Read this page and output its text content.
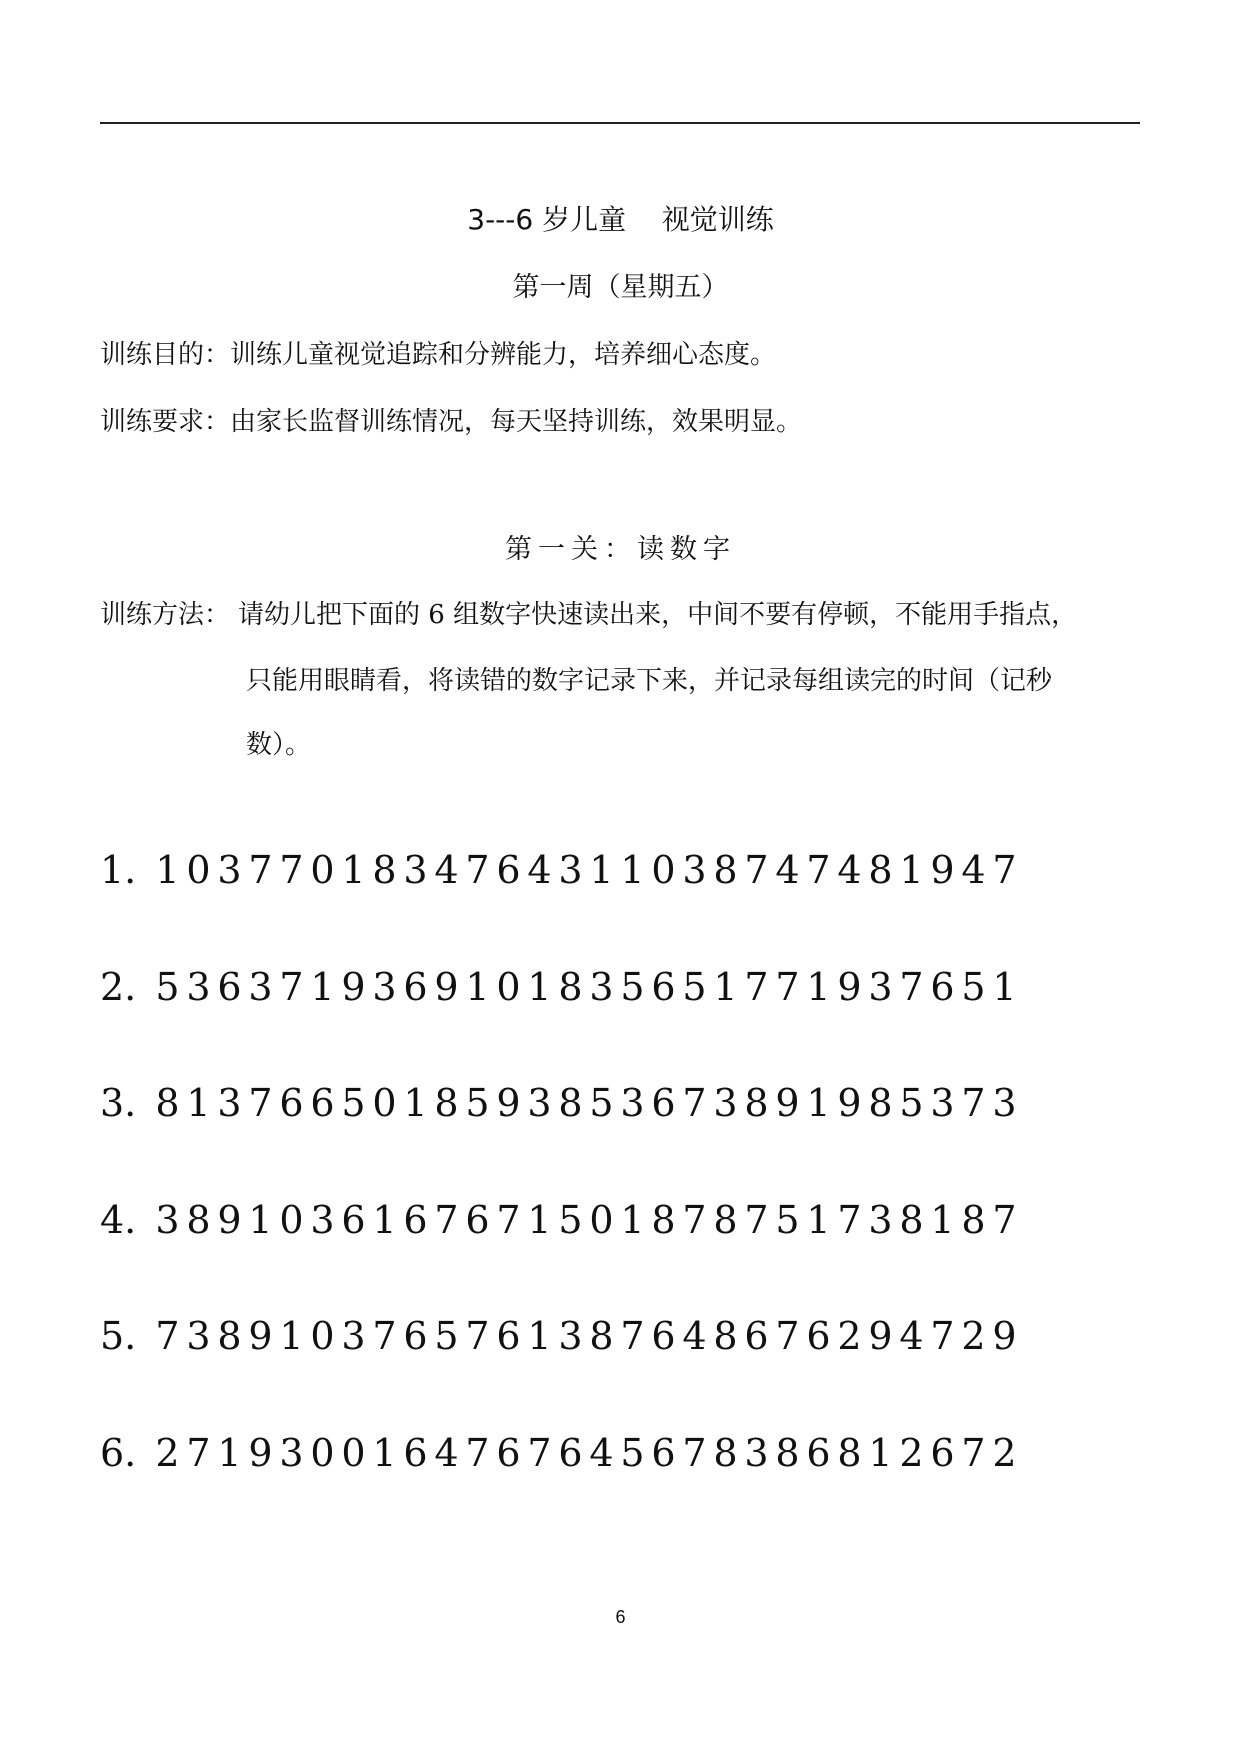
3---6 岁儿童    视觉训练
第一周（星期五）
训练目的：训练儿童视觉追踪和分辨能力，培养细心态度。
训练要求：由家长监督训练情况，每天坚持训练，效果明显。
第一关：读数字
训练方法： 请幼儿把下面的 6 组数字快速读出来，中间不要有停顿，不能用手指点，
只能用眼睛看，将读错的数字记录下来，并记录每组读完的时间（记秒
数）。
1. 1 0 3 7 7 0 1 8 3 4 7 6 4 3 1 1 0 3 8 7 4 7 4 8 1 9 4 7
2. 5 3 6 3 7 1 9 3 6 9 1 0 1 8 3 5 6 5 1 7 7 1 9 3 7 6 5 1
3. 8 1 3 7 6 6 5 0 1 8 5 9 3 8 5 3 6 7 3 8 9 1 9 8 5 3 7 3
4. 3 8 9 1 0 3 6 1 6 7 6 7 1 5 0 1 8 7 8 7 5 1 7 3 8 1 8 7
5. 7 3 8 9 1 0 3 7 6 5 7 6 1 3 8 7 6 4 8 6 7 6 2 9 4 7 2 9
6. 2 7 1 9 3 0 0 1 6 4 7 6 7 6 4 5 6 7 8 3 8 6 8 1 2 6 7 2
6
